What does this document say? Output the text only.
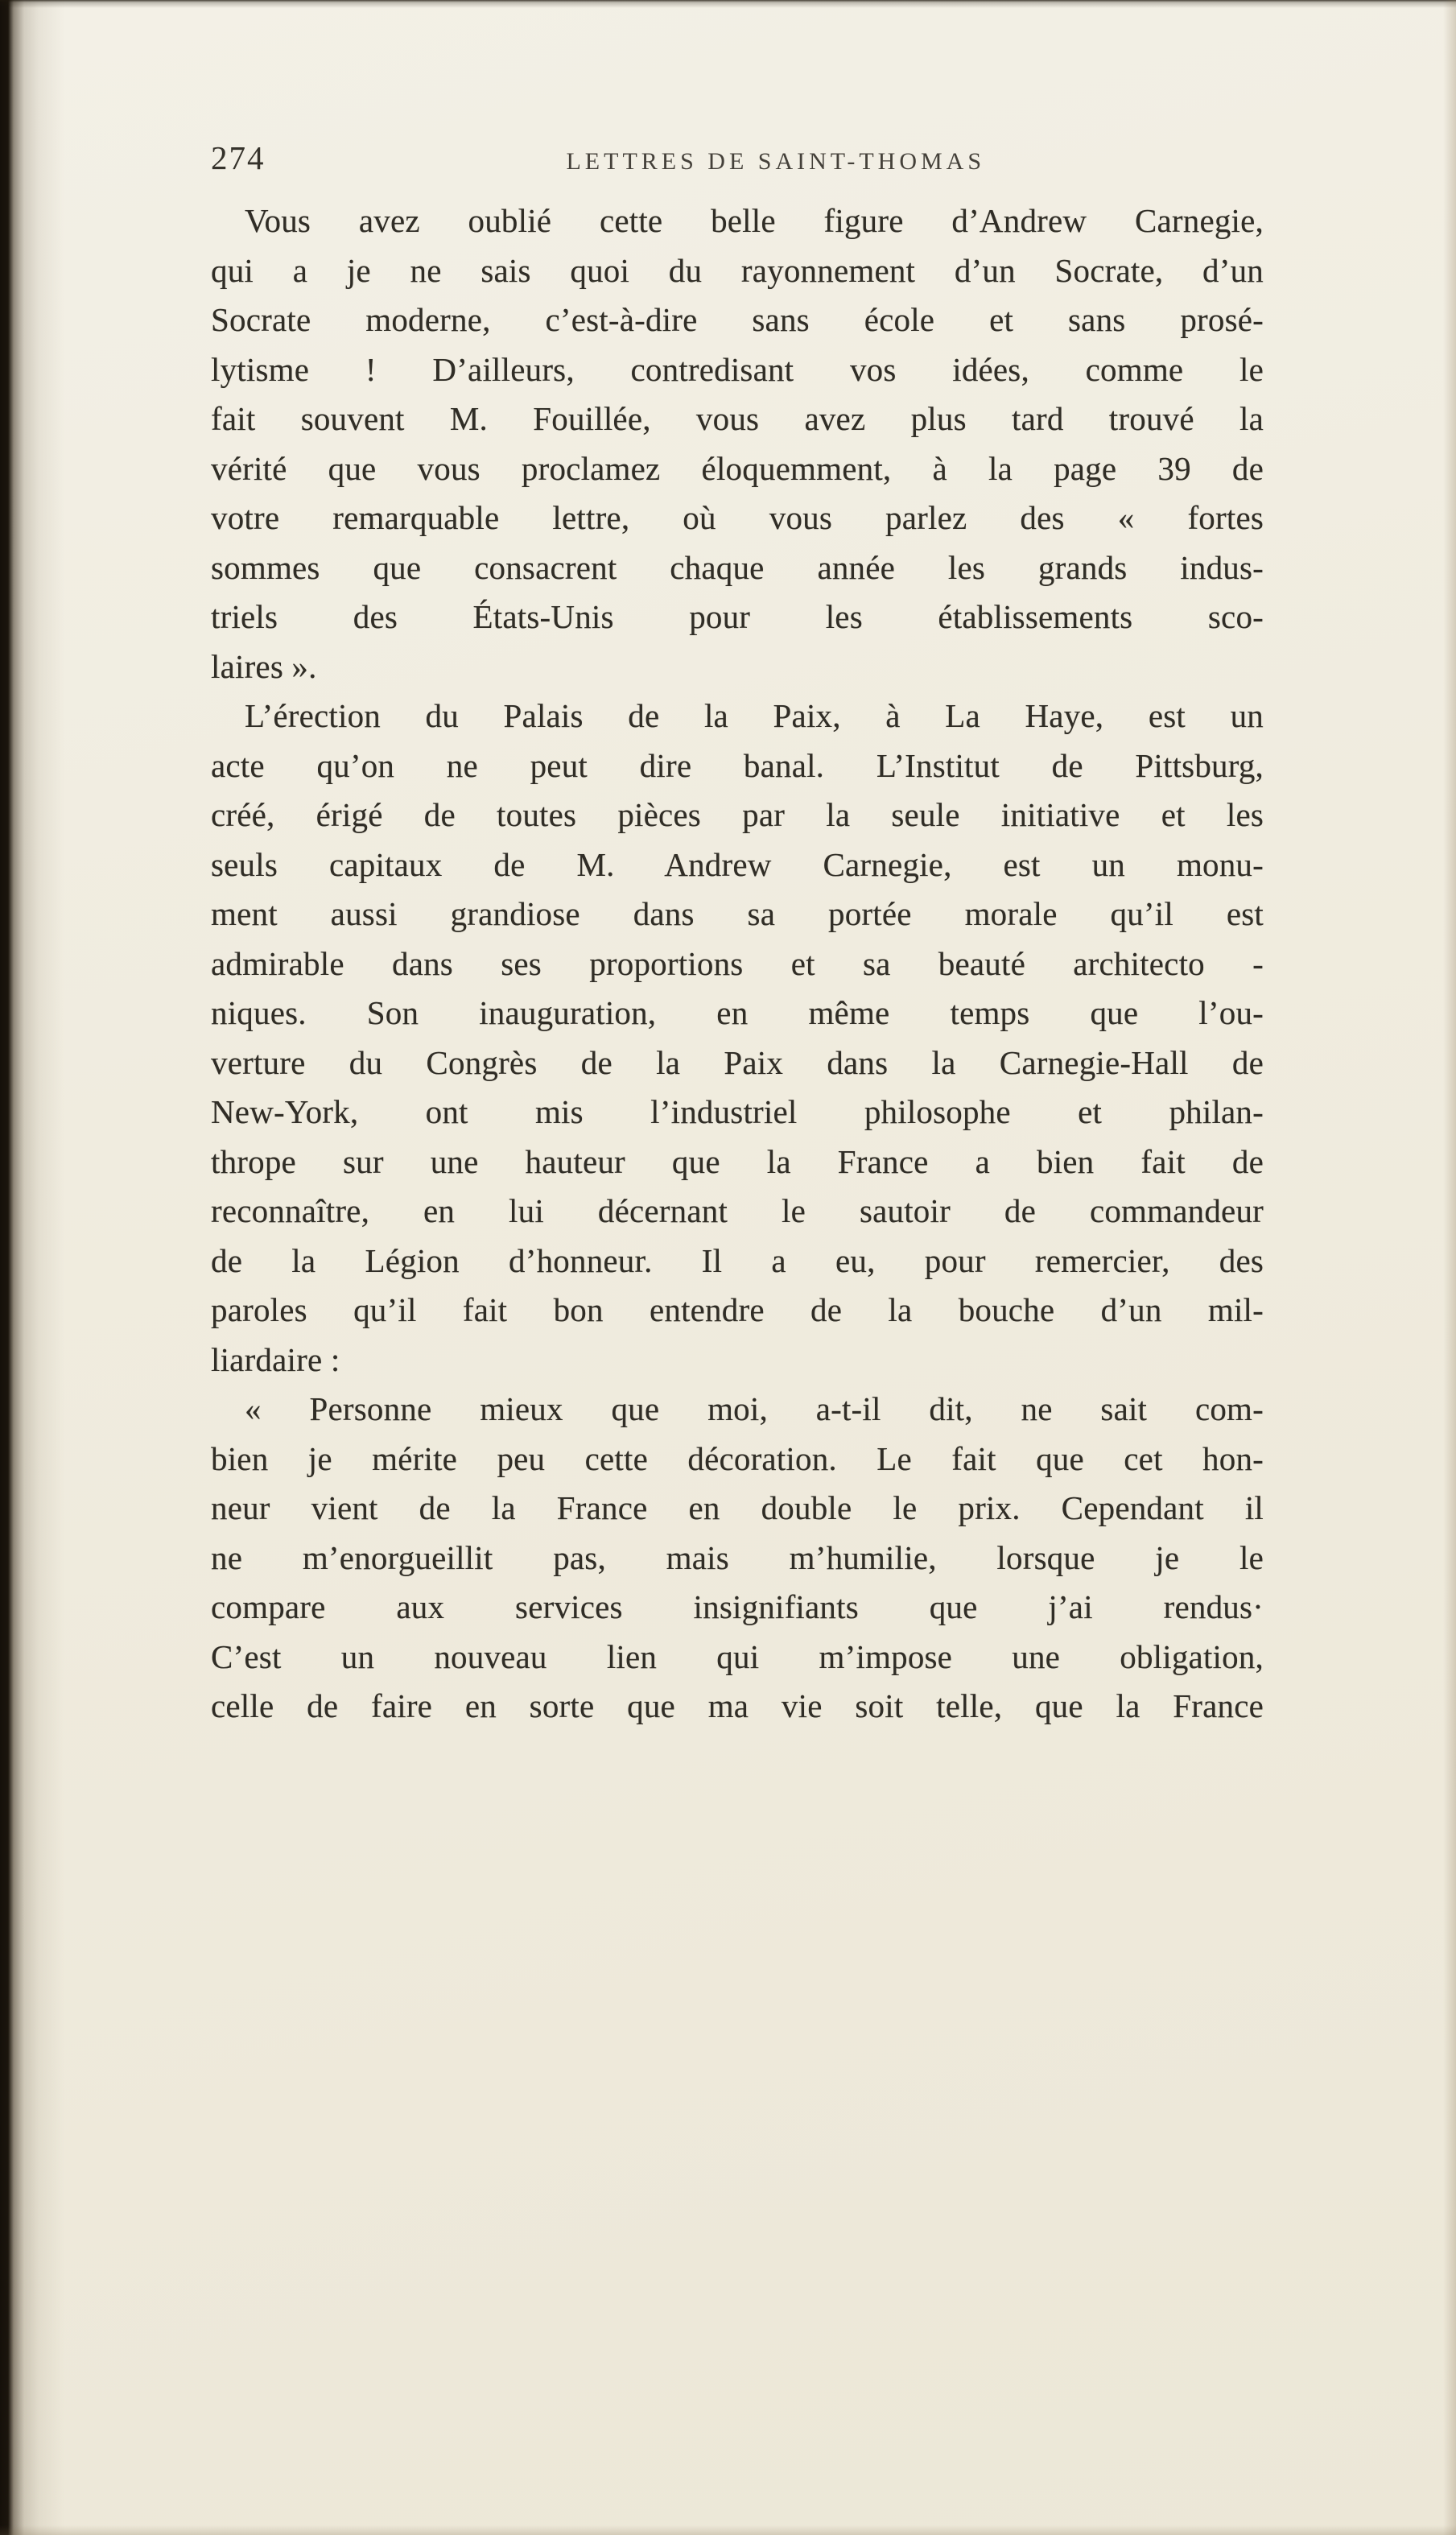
274	LETTRES DE SAINT-THOMAS
Vous avez oublié cette belle figure d’Andrew Carnegie,
qui a je ne sais quoi du rayonnement d’un Socrate, d’un
Socrate moderne, c’est-à-dire sans école et sans prosé-
lytisme ! D’ailleurs, contredisant vos idées, comme le
fait souvent M. Fouillée, vous avez plus tard trouvé la
vérité que vous proclamez éloquemment, à la page 39 de
votre remarquable lettre, où vous parlez des « fortes
sommes que consacrent chaque année les grands indus-
triels des États-Unis pour les établissements sco-
laires ».
L’érection du Palais de la Paix, à La Haye, est un
acte qu’on ne peut dire banal. L’Institut de Pittsburg,
créé, érigé de toutes pièces par la seule initiative et les
seuls capitaux de M. Andrew Carnegie, est un monu-
ment aussi grandiose dans sa portée morale qu’il est
admirable dans ses proportions et sa beauté architecto -
niques. Son inauguration, en même temps que l’ou-
verture du Congrès de la Paix dans la Carnegie-Hall de
New-York, ont mis l’industriel philosophe et philan-
thrope sur une hauteur que la France a bien fait de
reconnaître, en lui décernant le sautoir de commandeur
de la Légion d’honneur. Il a eu, pour remercier, des
paroles qu’il fait bon entendre de la bouche d’un mil-
liardaire :
« Personne mieux que moi, a-t-il dit, ne sait com-
bien je mérite peu cette décoration. Le fait que cet hon-
neur vient de la France en double le prix. Cependant il
ne m’enorgueillit pas, mais m’humilie, lorsque je le
compare aux services insignifiants que j’ai rendus·
C’est un nouveau lien qui m’impose une obligation,
celle de faire en sorte que ma vie soit telle, que la France
